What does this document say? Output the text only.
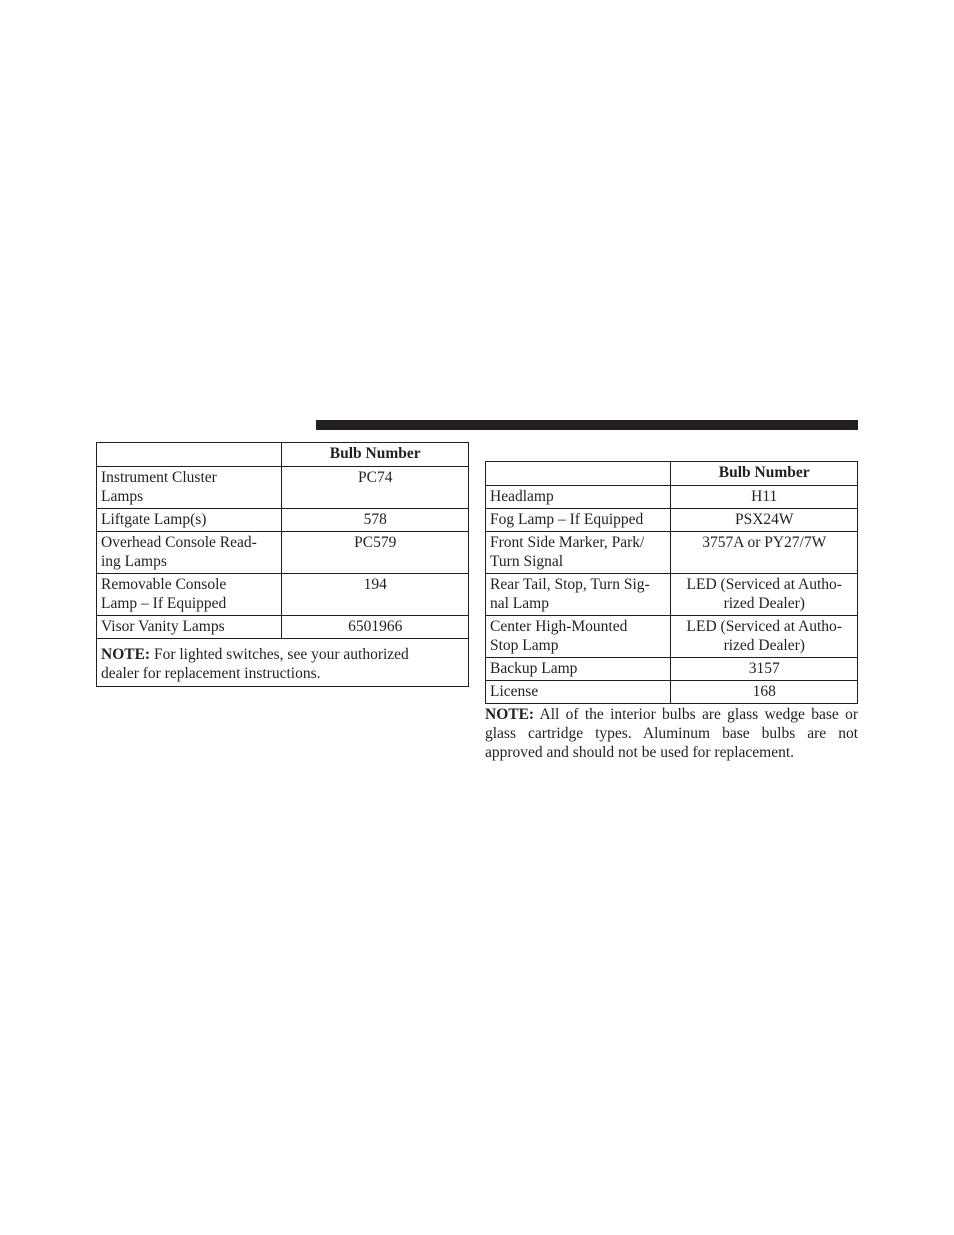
	Bulb Number
Instrument Cluster
Lamps	PC74
Liftgate Lamp(s)	578
Overhead Console Read-
ing Lamps	PC579
Removable Console
Lamp – If Equipped	194
Visor Vanity Lamps	6501966
NOTE: For lighted switches, see your authorized
dealer for replacement instructions.	
	Bulb Number
Headlamp	H11
Fog Lamp – If Equipped	PSX24W
Front Side Marker, Park/
Turn Signal	3757A or PY27/7W
Rear Tail, Stop, Turn Sig-
nal Lamp	LED (Serviced at Autho-
rized Dealer)
Center High-Mounted
Stop Lamp	LED (Serviced at Autho-
rized Dealer)
Backup Lamp	3157
License	168
NOTE: All of the interior bulbs are glass wedge base or glass cartridge types. Aluminum base bulbs are not approved and should not be used for replacement.
